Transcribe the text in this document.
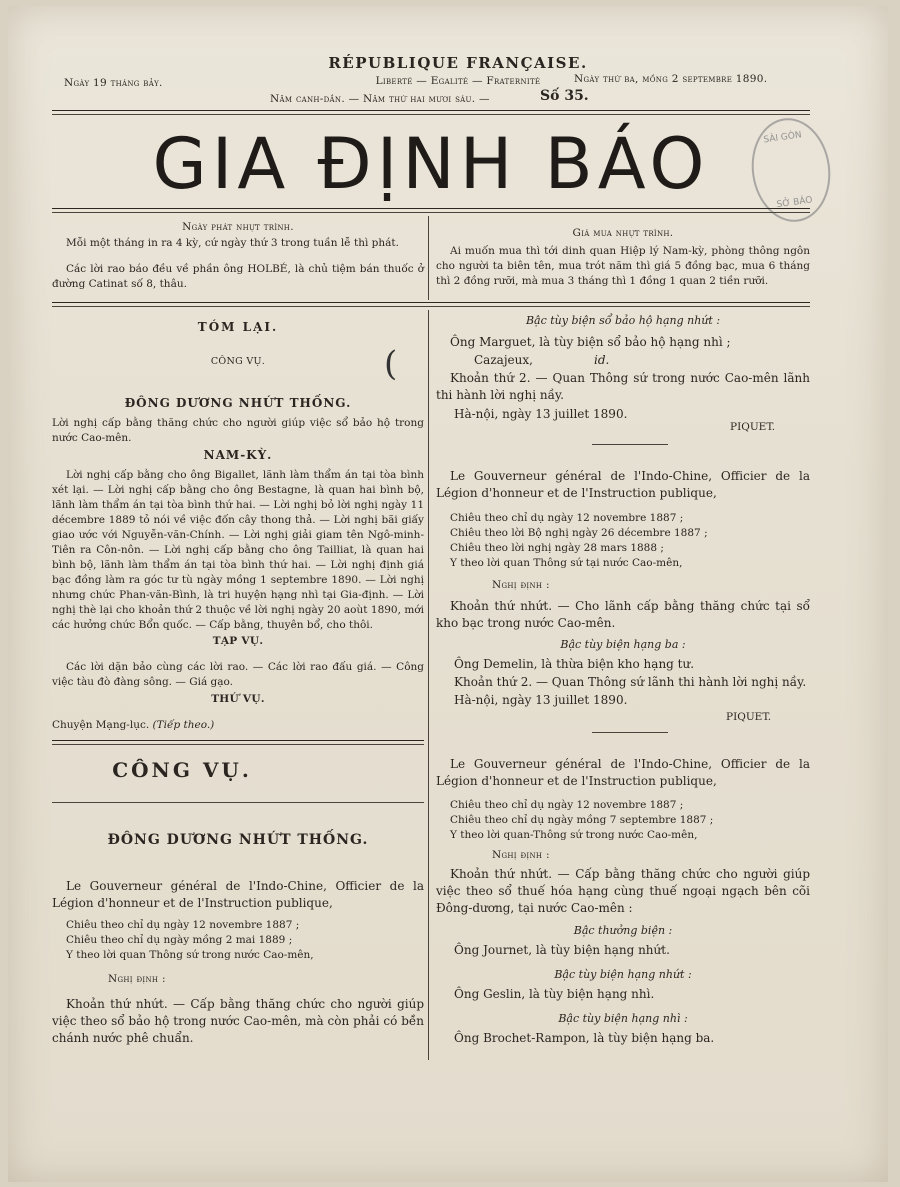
Ngày 19 tháng bảy.
RÉPUBLIQUE FRANÇAISE.
Liberté — Egalité — Fraternité	Ngày thứ ba, mồng 2 septembre 1890.
Năm canh-dần. — Năm thứ hai mươi sáu. —	Số 35.
GIA ĐỊNH BÁO	SÀI GÒN
SỞ BÁO
Ngày phát nhựt trình.
Mỗi một tháng in ra 4 kỳ, cứ ngày thứ 3 trong tuần lễ thì phát.
Các lời rao báo đều về phần ông HOLBÉ, là chủ tiệm bán thuốc ở đường Catinat số 8, thâu.
Giá mua nhựt trình.
Ai muốn mua thì tới dinh quan Hiệp lý Nam-kỳ, phòng thông ngôn cho người ta biên tên, mua trót năm thì giá 5 đồng bạc, mua 6 tháng thì 2 đồng rưỡi, mà mua 3 tháng thì 1 đồng 1 quan 2 tiền rưỡi.
TÓM LẠI.
CÔNG VỤ.	(
ĐÔNG DƯƠNG NHỨT THỐNG.
Lời nghị cấp bằng thăng chức cho người giúp việc sổ bảo hộ trong nước Cao-mên.
NAM-KỲ.
Lời nghị cấp bằng cho ông Bigallet, lãnh làm thẩm án tại tòa bình xét lại. — Lời nghị cấp bằng cho ông Bestagne, là quan hai bình bộ, lãnh làm thẩm án tại tòa bình thứ hai. — Lời nghị bỏ lời nghị ngày 11 décembre 1889 tỏ nói về việc đốn cây thong thả. — Lời nghị bãi giấy giao ước với Nguyễn-văn-Chính. — Lời nghị giải giam tên Ngô-minh-Tiên ra Côn-nôn. — Lời nghị cấp bằng cho ông Tailliat, là quan hai bình bộ, lãnh làm thẩm án tại tòa bình thứ hai. — Lời nghị định giá bạc đồng làm ra góc tư tù ngày mồng 1 septembre 1890. — Lời nghị nhưng chức Phan-văn-Bình, là tri huyện hạng nhì tại Gia-định. — Lời nghị thè lại cho khoản thứ 2 thuộc về lời nghị ngày 20 aoùt 1890, mới các hưởng chức Bổn quốc. — Cấp bằng, thuyên bổ, cho thôi.
TẠP VỤ.
Các lời dặn bảo cùng các lời rao. — Các lời rao đấu giá. — Công việc tàu đò đàng sông. — Giá gạo.
THỨ VỤ.
Chuyện Mạng-lục. (Tiếp theo.)
CÔNG VỤ.
ĐÔNG DƯƠNG NHỨT THỐNG.
Le Gouverneur général de l'Indo-Chine, Officier de la Légion d'honneur et de l'Instruction publique,
Chiêu theo chỉ dụ ngày 12 novembre 1887 ;
Chiêu theo chỉ dụ ngày mồng 2 mai 1889 ;
Y theo lời quan Thông sứ trong nước Cao-mên,
Nghị định :
Khoản thứ nhứt. — Cấp bằng thăng chức cho người giúp việc theo sổ bảo hộ trong nước Cao-mên, mà còn phải có bề̀n chánh nước phê chuẩn.
Bậc tùy biện sổ bảo hộ hạng nhứt :
Ông Marguet, là tùy biện sổ bảo hộ hạng nhì ;
Cazajeux,	id.
Khoản thứ 2. — Quan Thông sứ trong nước Cao-mên lãnh thi hành lời nghị nầy.
Hà-nội, ngày 13 juillet 1890.
PIQUET.
Le Gouverneur général de l'Indo-Chine, Officier de la Légion d'honneur et de l'Instruction publique,
Chiêu theo chỉ dụ ngày 12 novembre 1887 ;
Chiêu theo lời Bộ nghị ngày 26 décembre 1887 ;
Chiêu theo lời nghị ngày 28 mars 1888 ;
Y theo lời quan Thông sứ tại nước Cao-mên,
Nghị định :
Khoản thứ nhứt. — Cho lãnh cấp bằng thăng chức tại sổ kho bạc trong nước Cao-mên.
Bậc tùy biện hạng ba :
Ông Demelin, là thừa biện kho hạng tư.
Khoản thứ 2. — Quan Thông sứ lãnh thi hành lời nghị nầy.
Hà-nội, ngày 13 juillet 1890.
PIQUET.
Le Gouverneur général de l'Indo-Chine, Officier de la Légion d'honneur et de l'Instruction publique,
Chiêu theo chỉ dụ ngày 12 novembre 1887 ;
Chiêu theo chỉ dụ ngày mồng 7 septembre 1887 ;
Y theo lời quan-Thông sứ trong nước Cao-mên,
Nghị định :
Khoản thứ nhứt. — Cấp bằng thăng chức cho người giúp việc theo sổ thuế hóa hạng cùng thuế ngoại ngạch bên cõi Đông-dương, tại nước Cao-mên :
Bậc thưởng biện :
Ông Journet, là tùy biện hạng nhứt.
Bậc tùy biện hạng nhứt :
Ông Geslin, là tùy biện hạng nhì.
Bậc tùy biện hạng nhì :
Ông Brochet-Rampon, là tùy biện hạng ba.
